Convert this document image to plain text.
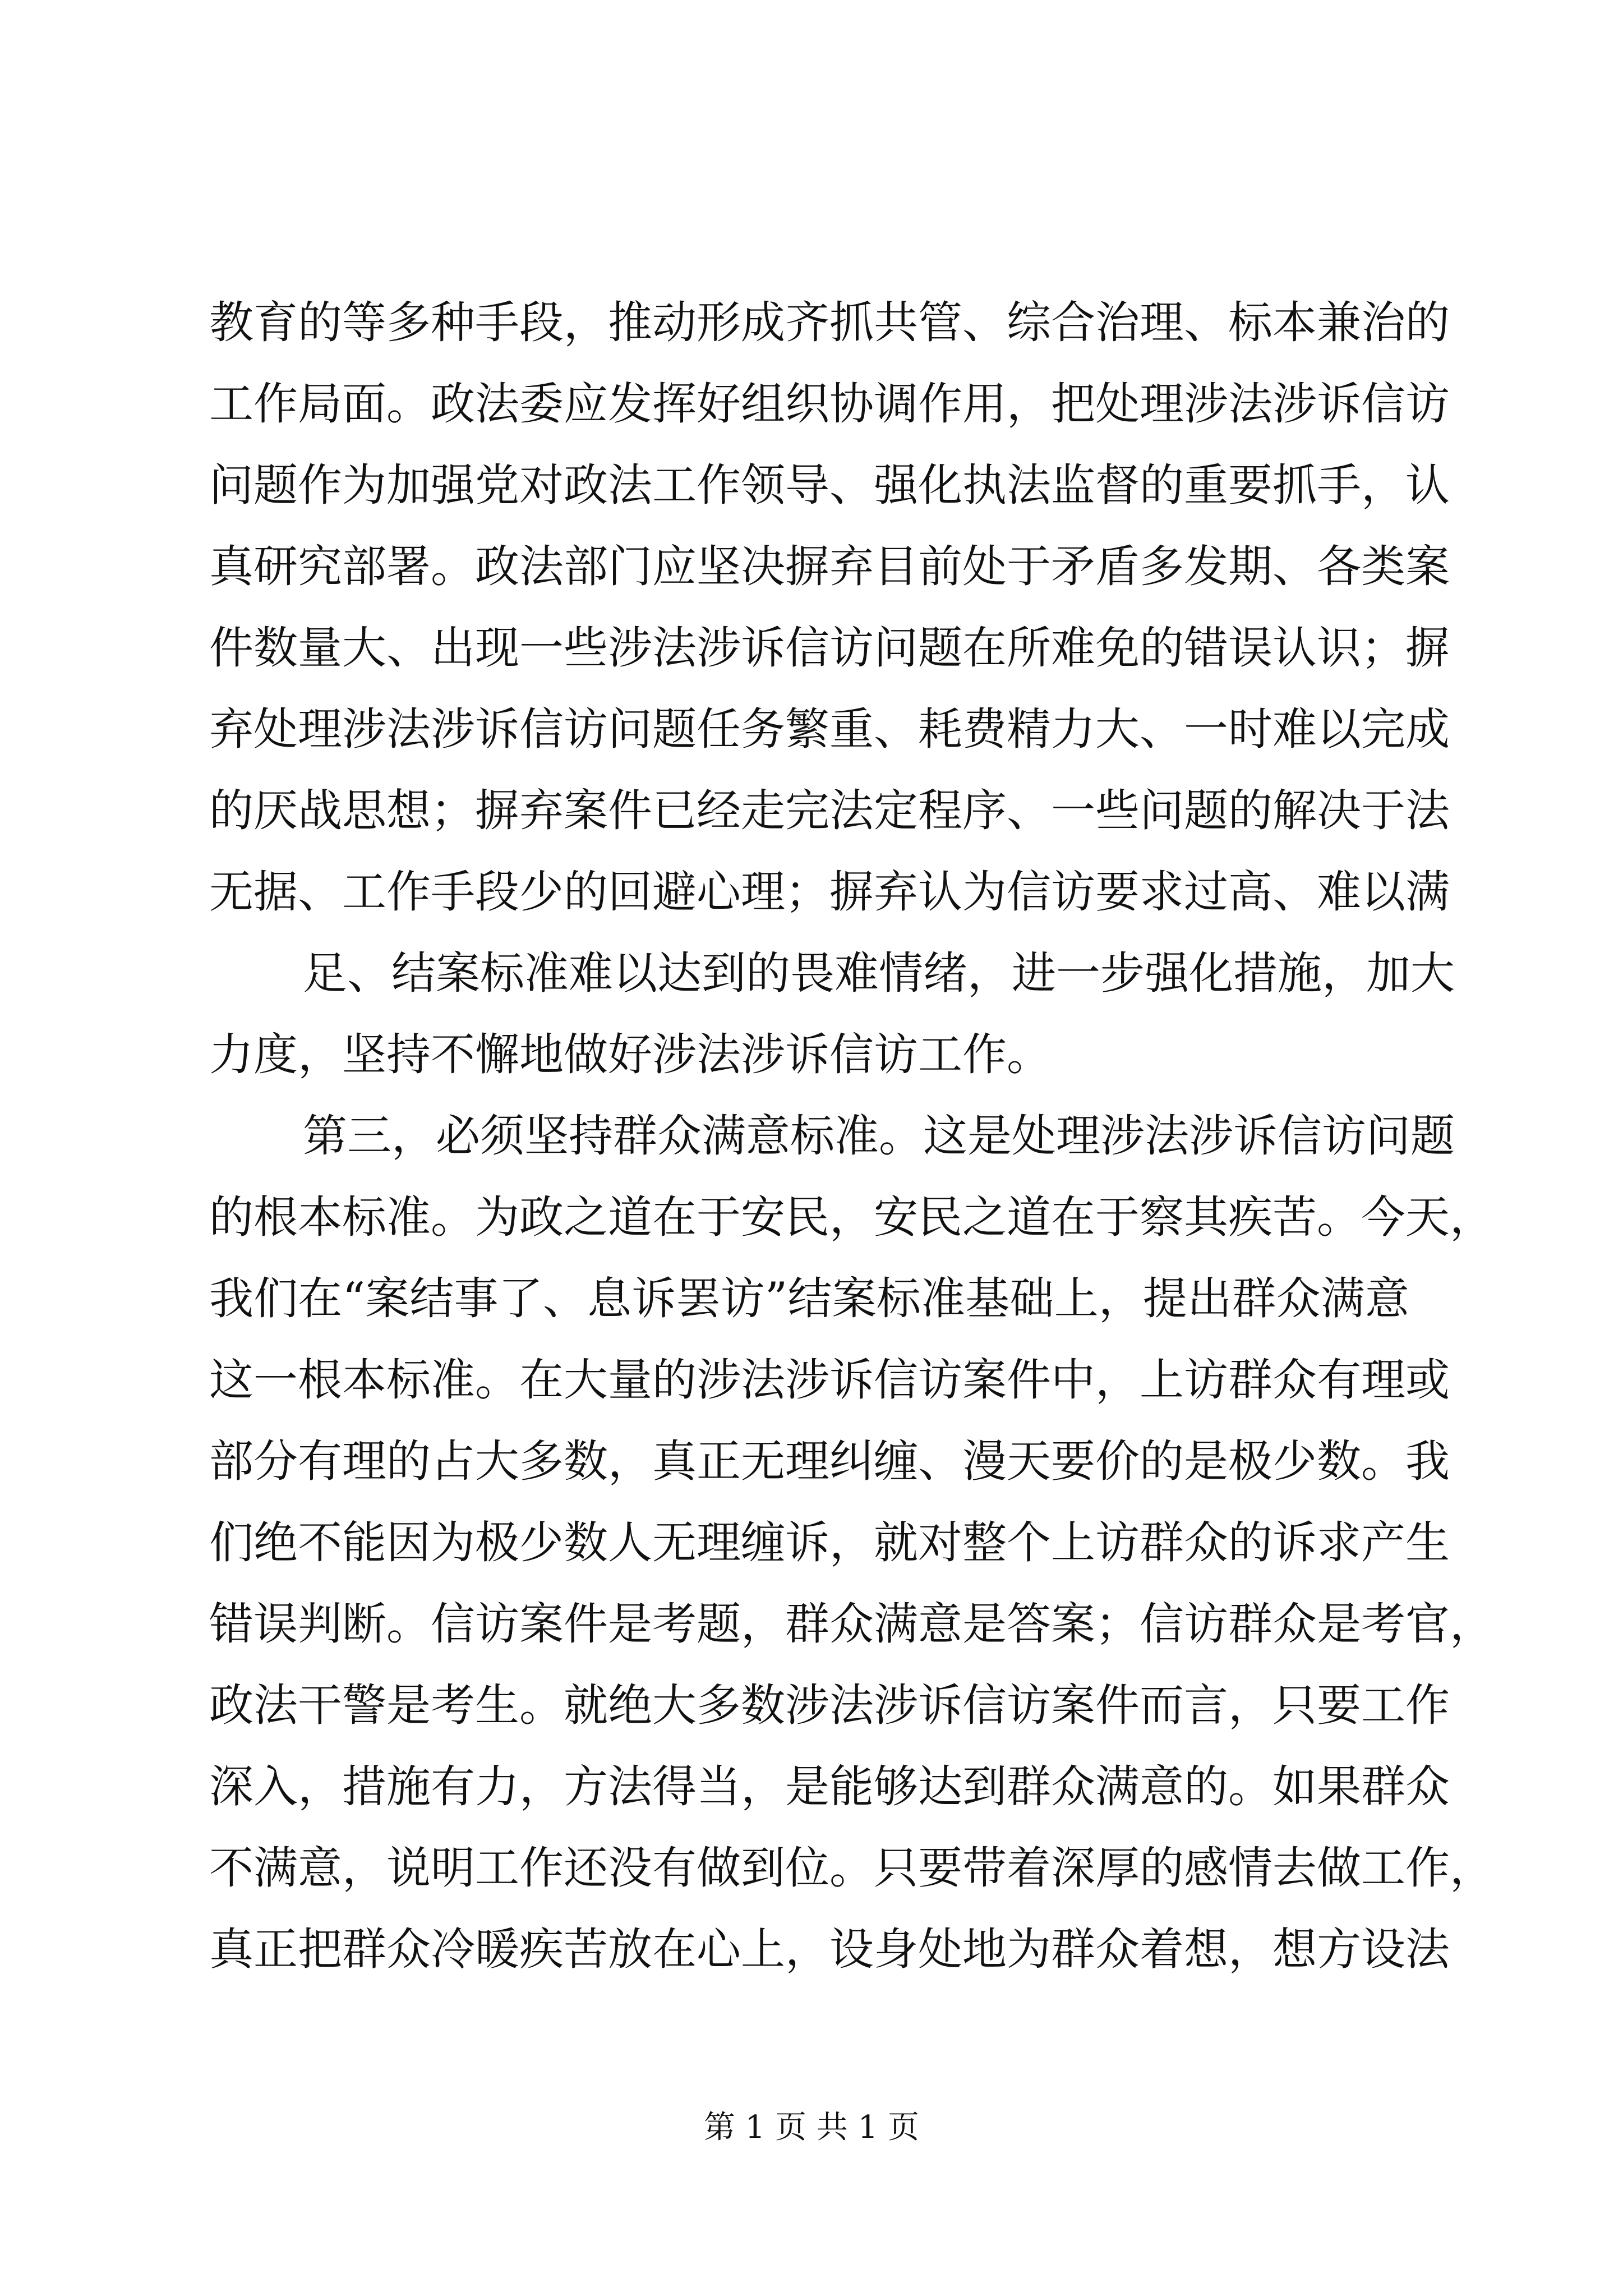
教育的等多种手段，推动形成齐抓共管、综合治理、标本兼治的
工作局面。政法委应发挥好组织协调作用，把处理涉法涉诉信访
问题作为加强党对政法工作领导、强化执法监督的重要抓手，认
真研究部署。政法部门应坚决摒弃目前处于矛盾多发期、各类案
件数量大、出现一些涉法涉诉信访问题在所难免的错误认识；摒
弃处理涉法涉诉信访问题任务繁重、耗费精力大、一时难以完成
的厌战思想；摒弃案件已经走完法定程序、一些问题的解决于法
无据、工作手段少的回避心理；摒弃认为信访要求过高、难以满
足、结案标准难以达到的畏难情绪，进一步强化措施，加大
力度，坚持不懈地做好涉法涉诉信访工作。
第三，必须坚持群众满意标准。这是处理涉法涉诉信访问题
的根本标准。为政之道在于安民，安民之道在于察其疾苦。今天，
我们在“案结事了、息诉罢访”结案标准基础上，提出群众满意
这一根本标准。在大量的涉法涉诉信访案件中，上访群众有理或
部分有理的占大多数，真正无理纠缠、漫天要价的是极少数。我
们绝不能因为极少数人无理缠诉，就对整个上访群众的诉求产生
错误判断。信访案件是考题，群众满意是答案；信访群众是考官，
政法干警是考生。就绝大多数涉法涉诉信访案件而言，只要工作
深入，措施有力，方法得当，是能够达到群众满意的。如果群众
不满意，说明工作还没有做到位。只要带着深厚的感情去做工作，
真正把群众冷暖疾苦放在心上，设身处地为群众着想，想方设法
第 1 页 共 1 页
